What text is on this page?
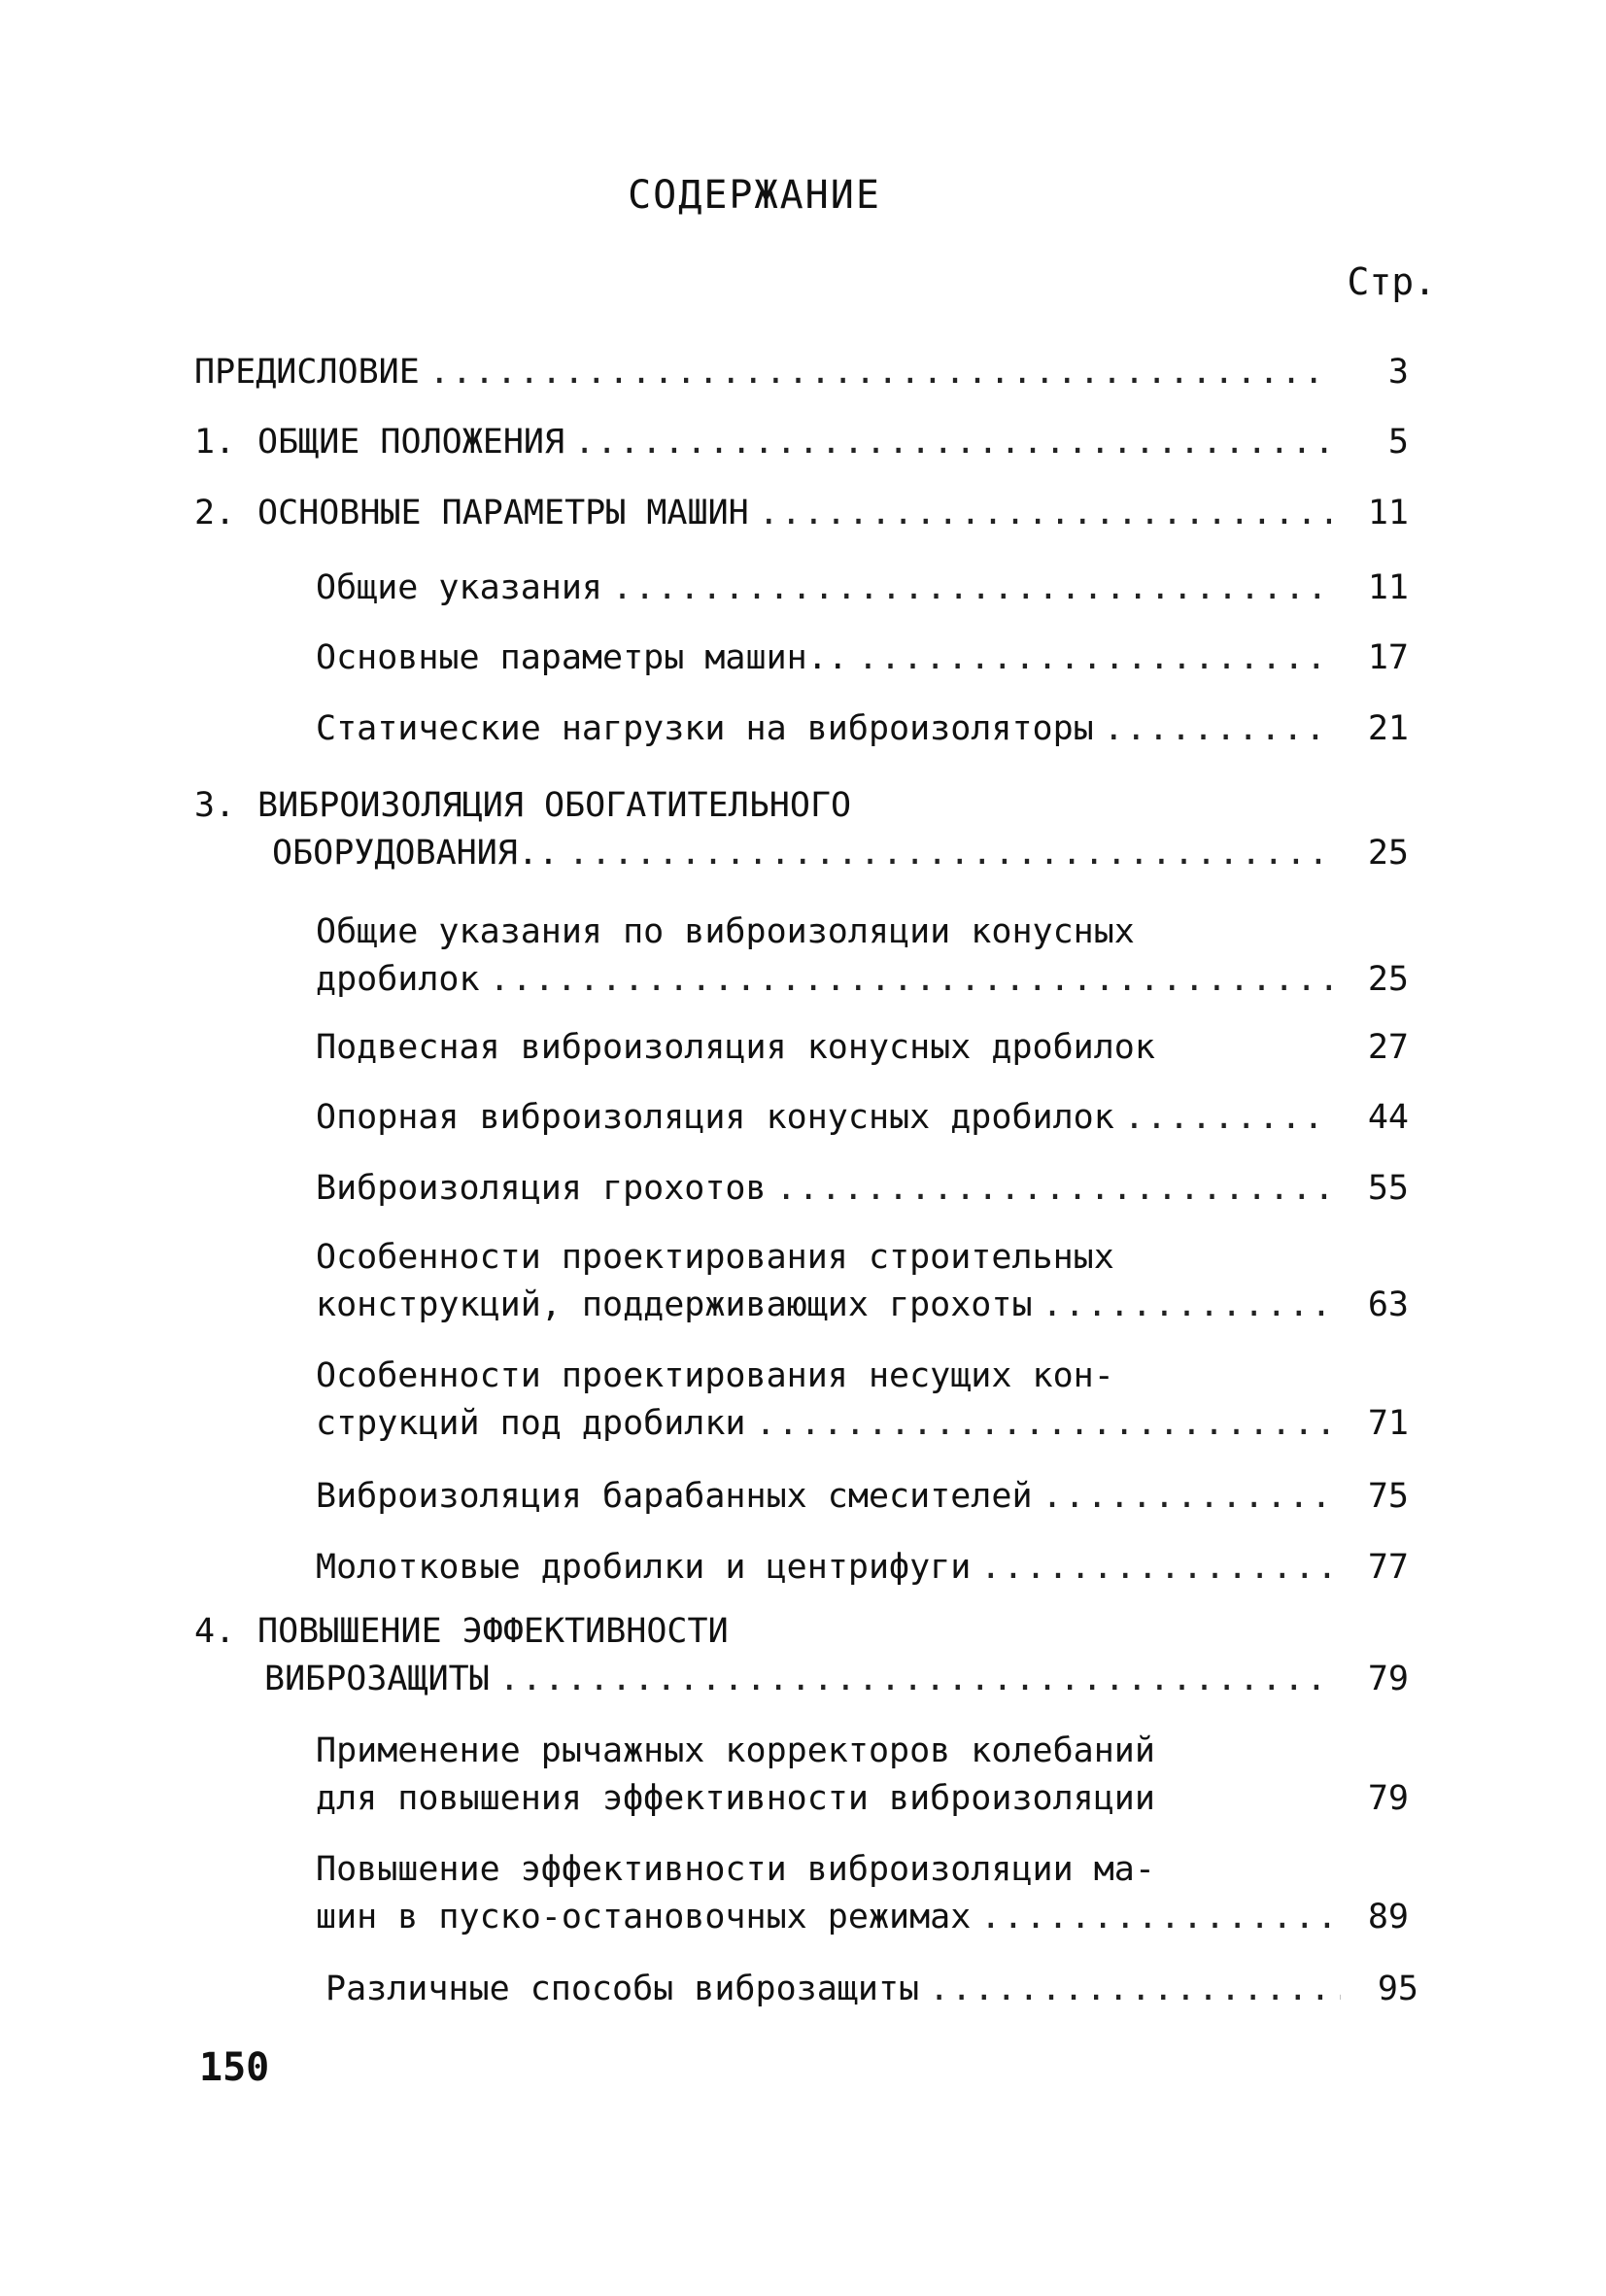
СОДЕРЖАНИЕ
Стр.
ПРЕДИСЛОВИЕ .....	3
1. ОБЩИЕ ПОЛОЖЕНИЯ .....	5
2. ОСНОВНЫЕ ПАРАМЕТРЫ МАШИН .....	11
Общие указания .....	11
Основные параметры машин.. .....	17
Статические нагрузки на виброизоляторы .....	21
3. ВИБРОИЗОЛЯЦИЯ ОБОГАТИТЕЛЬНОГО
ОБОРУДОВАНИЯ.. .....	25
Общие указания по виброизоляции конусных
дробилок .....	25
Подвесная виброизоляция конусных дробилок	27
Опорная виброизоляция конусных дробилок .....	44
Виброизоляция грохотов .....	55
Особенности проектирования строительных
конструкций, поддерживающих грохоты .....	63
Особенности проектирования несущих кон-
струкций под дробилки .....	71
Виброизоляция барабанных смесителей .....	75
Молотковые дробилки и центрифуги .....	77
4. ПОВЫШЕНИЕ ЭФФЕКТИВНОСТИ
ВИБРОЗАЩИТЫ .....	79
Применение рычажных корректоров колебаний
для повышения эффективности виброизоляции	79
Повышение эффективности виброизоляции ма-
шин в пуско-остановочных режимах .....	89
Различные способы виброзащиты .....	95
150
